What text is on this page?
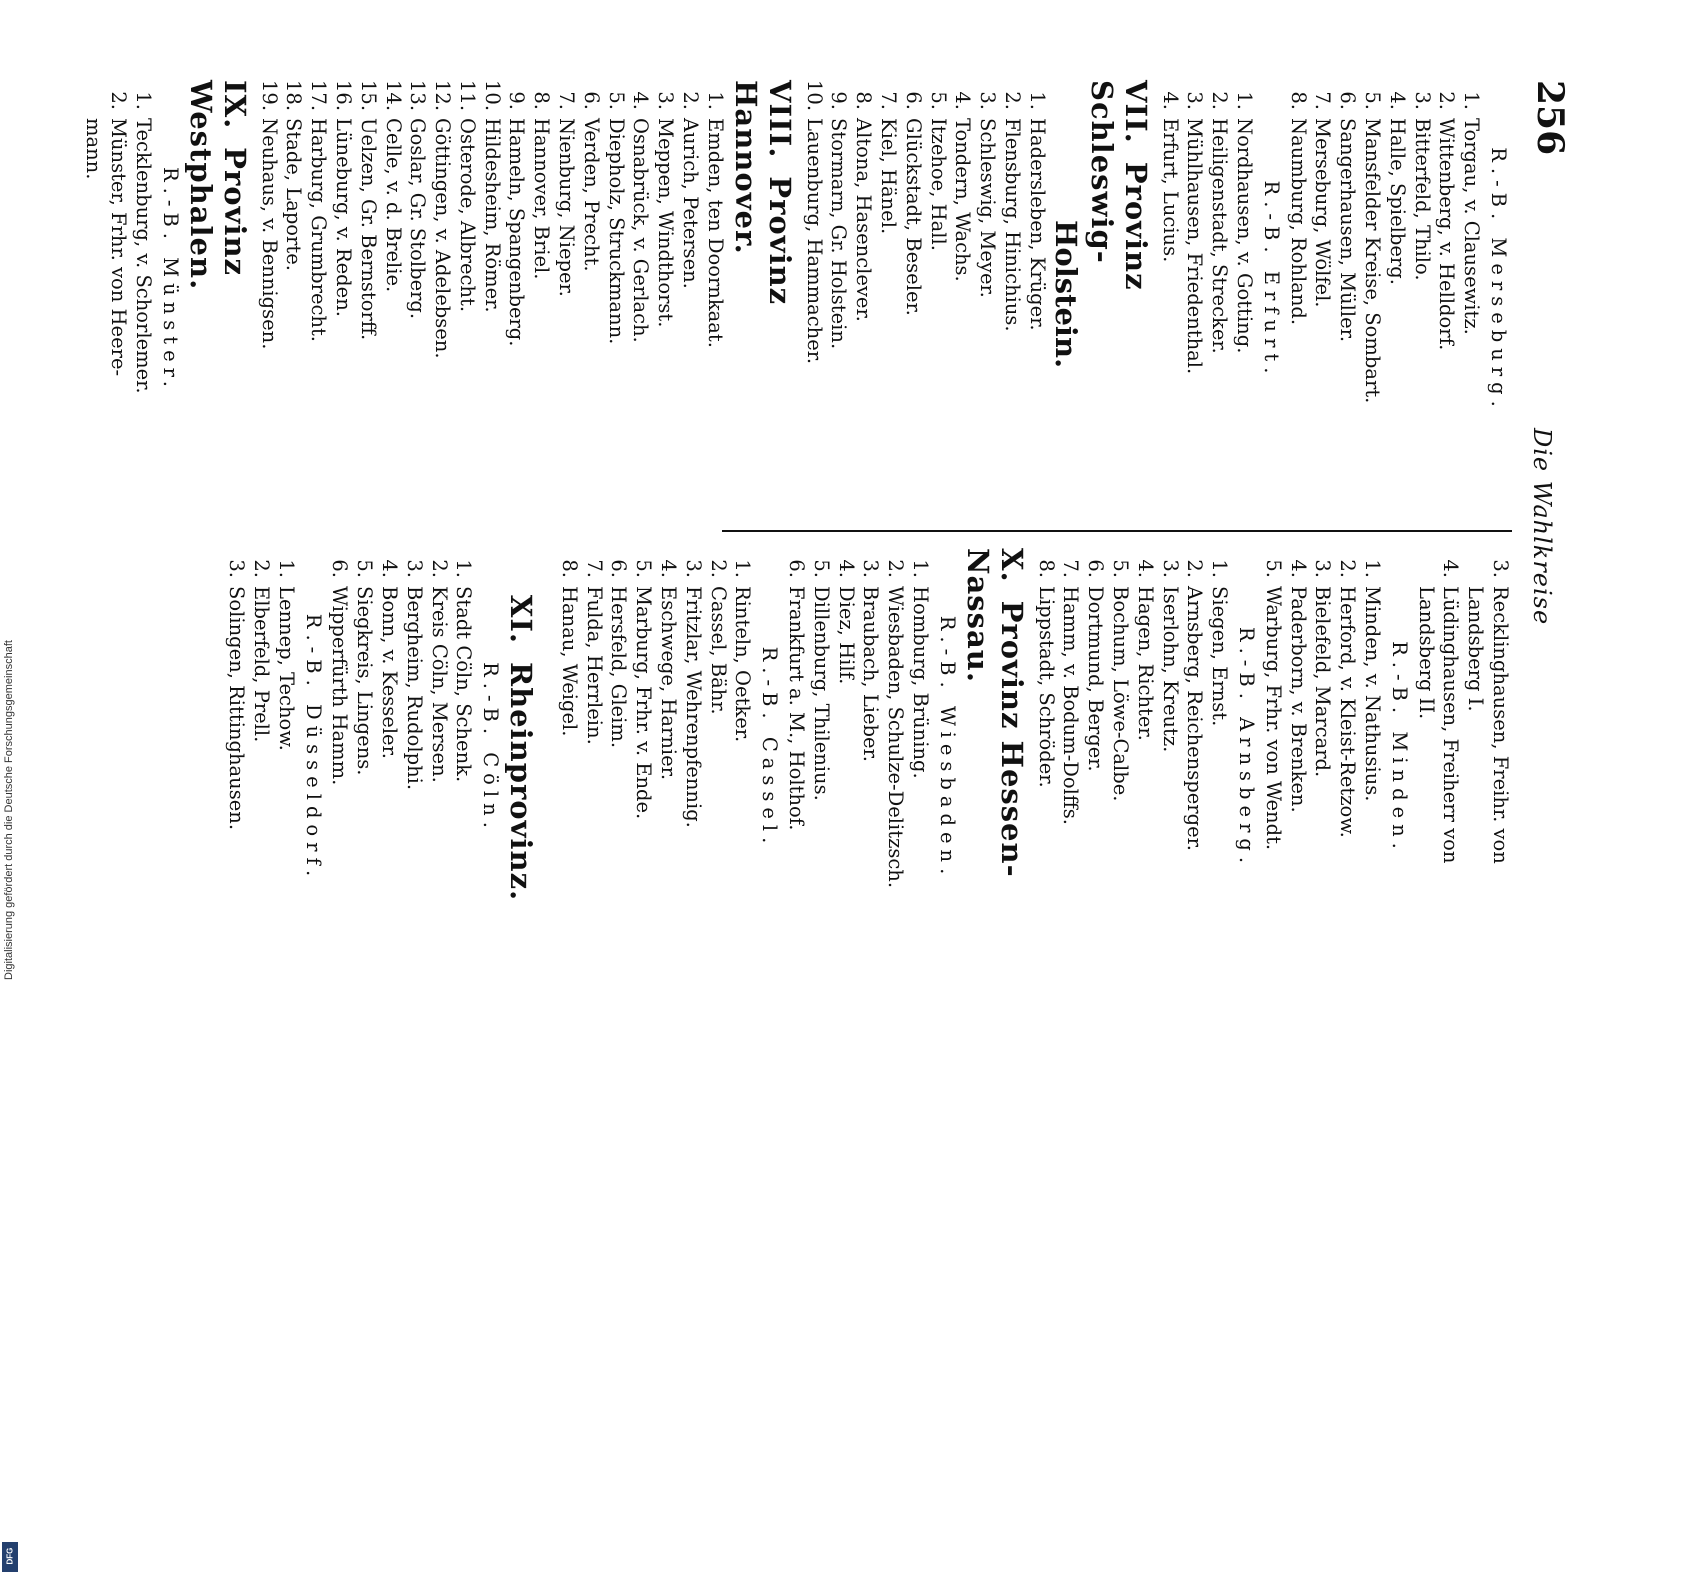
256
Die Wahlkreise
R.-B. Merseburg.
1.Torgau, v. Clausewitz.
2.Wittenberg, v. Helldorf.
3.Bitterfeld, Thilo.
4.Halle, Spielberg.
5.Mansfelder Kreise, Sombart.
6.Sangerhausen, Müller.
7.Merseburg, Wölfel.
8.Naumburg, Rohland.
R.-B. Erfurt.
1.Nordhausen, v. Gotting.
2.Heiligenstadt, Strecker.
3.Mühlhausen, Friedenthal.
4.Erfurt, Lucius.
VII.Provinz Schleswig-
Holstein.
1.Hadersleben, Krüger.
2.Flensburg, Hinichius.
3.Schleswig, Meyer.
4.Tondern, Wachs.
5.Itzehoe, Hall.
6.Glückstadt, Beseler.
7.Kiel, Hänel.
8.Altona, Hasenclever.
9.Stormarn, Gr. Holstein.
10.Lauenburg, Hammacher.
VIII.Provinz Hannover.
1.Emden, ten Doornkaat.
2.Aurich, Petersen.
3.Meppen, Windthorst.
4.Osnabrück, v. Gerlach.
5.Diepholz, Struckmann.
6.Verden, Precht.
7.Nienburg, Nieper.
8.Hannover, Briel.
9.Hameln, Spangenberg.
10.Hildesheim, Römer.
11.Osterode, Albrecht.
12.Göttingen, v. Adelebsen.
13.Goslar, Gr. Stolberg.
14.Celle, v. d. Brelie.
15.Uelzen, Gr. Bernstorff.
16.Lüneburg, v. Reden.
17.Harburg, Grumbrecht.
18.Stade, Laporte.
19.Neuhaus, v. Bennigsen.
IX.Provinz Westphalen.
R.-B. Münster.
1.Tecklenburg, v. Schorlemer.
2.Münster, Frhr. von Heere-
mann.
3.Recklinghausen, Freihr. von
Landsberg I.
4.Lüdinghausen, Freiherr von
Landsberg II.
R.-B. Minden.
1.Minden, v. Nathusius.
2.Herford, v. Kleist-Retzow.
3.Bielefeld, Marcard.
4.Paderborn, v. Brenken.
5.Warburg, Frhr. von Wendt.
R.-B. Arnsberg.
1.Siegen, Ernst.
2.Arnsberg, Reichensperger.
3.Iserlohn, Kreutz.
4.Hagen, Richter.
5.Bochum, Löwe-Calbe.
6.Dortmund, Berger.
7.Hamm, v. Bodum-Dolffs.
8.Lippstadt, Schröder.
X.Provinz Hessen-Nassau.
R.-B. Wiesbaden.
1.Homburg, Brüning.
2.Wiesbaden, Schulze-Delitzsch.
3.Braubach, Lieber.
4.Diez, Hilf.
5.Dillenburg, Thilenius.
6.Frankfurt a. M., Holthof.
R.-B. Cassel.
1.Rinteln, Oetker.
2.Cassel, Bähr.
3.Fritzlar, Wehrenpfennig.
4.Eschwege, Harnier.
5.Marburg, Frhr. v. Ende.
6.Hersfeld, Gleim.
7.Fulda, Herrlein.
8.Hanau, Weigel.
XI.Rheinprovinz.
R.-B. Cöln.
1.Stadt Cöln, Schenk.
2.Kreis Cöln, Mersen.
3.Bergheim, Rudolphi.
4.Bonn, v. Kesseler.
5.Siegkreis, Lingens.
6.Wipperfürth Hamm.
R.-B. Düsseldorf.
1.Lennep, Techow.
2.Elberfeld, Prell.
3.Solingen, Rittinghausen.
Digitalisierung gefördert durch die Deutsche Forschungsgemeinschaft
DFG
